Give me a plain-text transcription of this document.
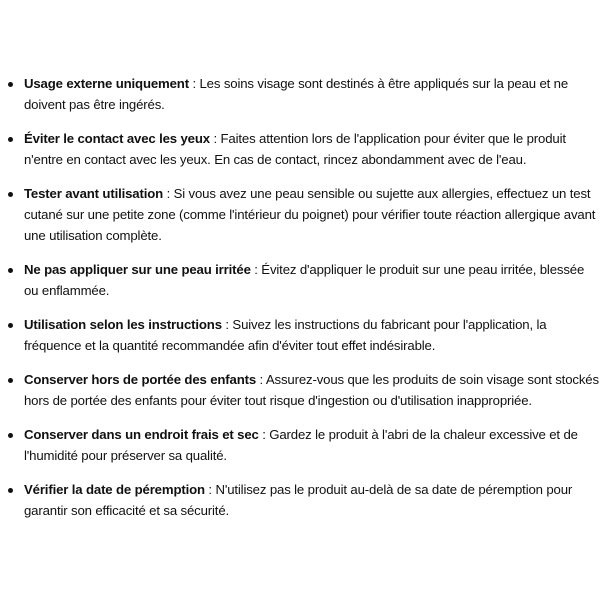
Usage externe uniquement : Les soins visage sont destinés à être appliqués sur la peau et ne doivent pas être ingérés.
Éviter le contact avec les yeux : Faites attention lors de l'application pour éviter que le produit n'entre en contact avec les yeux. En cas de contact, rincez abondamment avec de l'eau.
Tester avant utilisation : Si vous avez une peau sensible ou sujette aux allergies, effectuez un test cutané sur une petite zone (comme l'intérieur du poignet) pour vérifier toute réaction allergique avant une utilisation complète.
Ne pas appliquer sur une peau irritée : Évitez d'appliquer le produit sur une peau irritée, blessée ou enflammée.
Utilisation selon les instructions : Suivez les instructions du fabricant pour l'application, la fréquence et la quantité recommandée afin d'éviter tout effet indésirable.
Conserver hors de portée des enfants : Assurez-vous que les produits de soin visage sont stockés hors de portée des enfants pour éviter tout risque d'ingestion ou d'utilisation inappropriée.
Conserver dans un endroit frais et sec : Gardez le produit à l'abri de la chaleur excessive et de l'humidité pour préserver sa qualité.
Vérifier la date de péremption : N'utilisez pas le produit au-delà de sa date de péremption pour garantir son efficacité et sa sécurité.
